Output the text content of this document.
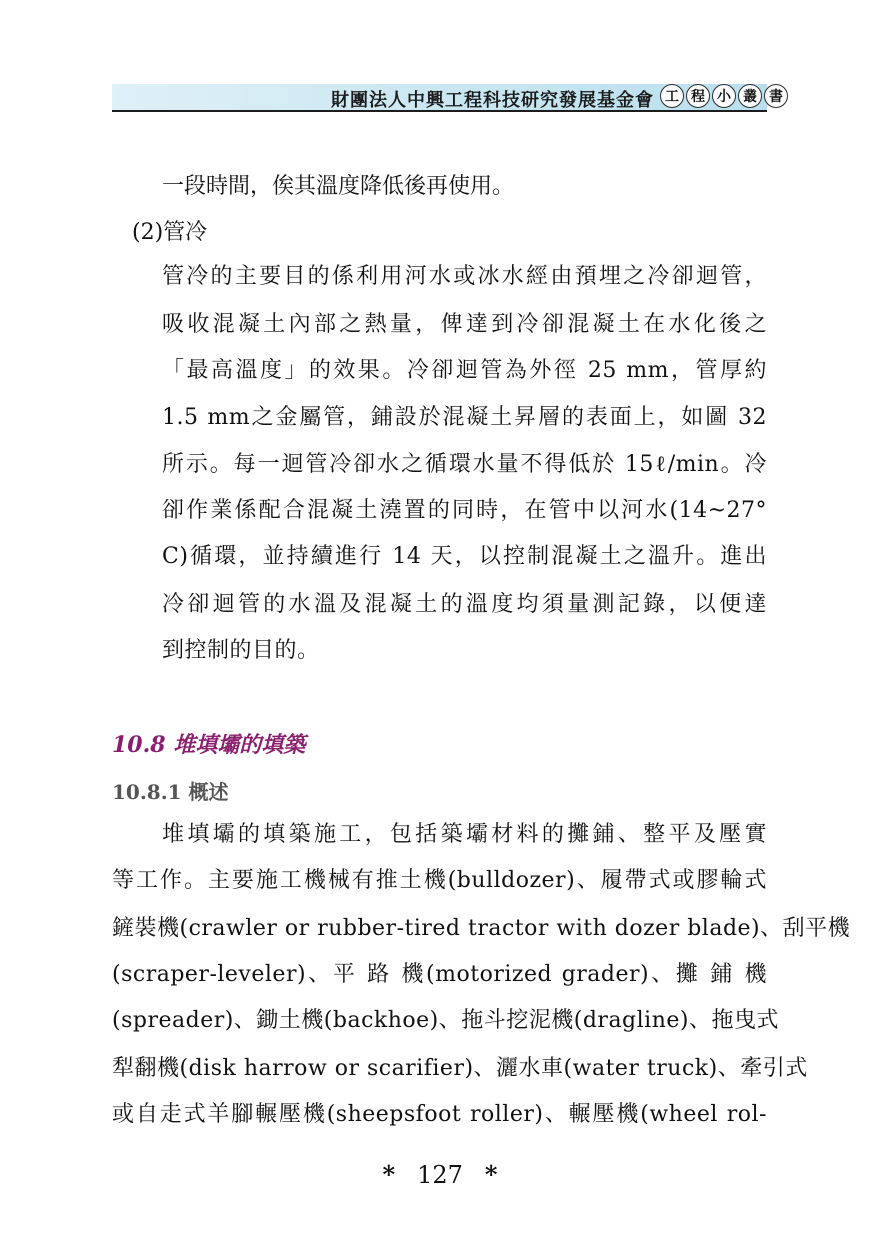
財團法人中興工程科技研究發展基金會 工 程 小 叢 書
一段時間，俟其溫度降低後再使用。
(2)管冷
管冷的主要目的係利用河水或冰水經由預埋之冷卻迴管，
吸收混凝土內部之熱量，俾達到冷卻混凝土在水化後之
「最高溫度」的效果。冷卻迴管為外徑 25 mm，管厚約
1.5 mm之金屬管，鋪設於混凝土昇層的表面上，如圖 32
所示。每一迴管冷卻水之循環水量不得低於 15ℓ/min。冷
卻作業係配合混凝土澆置的同時，在管中以河水(14~27°
C)循環，並持續進行 14 天，以控制混凝土之溫升。進出
冷卻迴管的水溫及混凝土的溫度均須量測記錄，以便達
到控制的目的。
10.8 堆填壩的填築
10.8.1 概述
堆填壩的填築施工，包括築壩材料的攤鋪、整平及壓實
等工作。主要施工機械有推土機(bulldozer)、履帶式或膠輪式
鏟裝機(crawler or rubber-tired tractor with dozer blade)、刮平機
(scraper-leveler)、平 路 機(motorized grader)、攤 鋪 機
(spreader)、鋤土機(backhoe)、拖斗挖泥機(dragline)、拖曳式
犁翻機(disk harrow or scarifier)、灑水車(water truck)、牽引式
或自走式羊腳輾壓機(sheepsfoot roller)、輾壓機(wheel rol-
* 127 *
